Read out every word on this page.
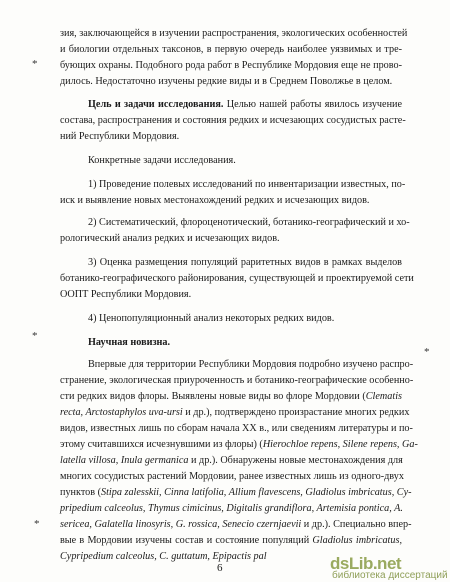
зия, заключающейся в изучении распространения, экологических особенностей
и биологии отдельных таксонов, в первую очередь наиболее уязвимых и тре-
бующих охраны. Подобного рода работ в Республике Мордовия еще не прово-
дилось. Недостаточно изучены редкие виды и в Среднем Поволжье в целом.
Цель и задачи исследования. Целью нашей работы явилось изучение
состава, распространения и состояния редких и исчезающих сосудистых расте-
ний Республики Мордовия.
Конкретные задачи исследования.
1) Проведение полевых исследований по инвентаризации известных, по-
иск и выявление новых местонахождений редких и исчезающих видов.
2) Систематический, флороценотический, ботанико-географический и хо-
рологический анализ редких и исчезающих видов.
3) Оценка размещения популяций раритетных видов в рамках выделов
ботанико-географического районирования, существующей и проектируемой сети
ООПТ Республики Мордовия.
4) Ценопопуляционный анализ некоторых редких видов.
Научная новизна.
Впервые для территории Республики Мордовия подробно изучено распро-
странение, экологическая приуроченность и ботанико-географические особенно-
сти редких видов флоры. Выявлены новые виды во флоре Мордовии (Clematis
recta, Arctostaphylos uva-ursi и др.), подтверждено произрастание многих редких
видов, известных лишь по сборам начала XX в., или сведениям литературы и по-
этому считавшихся исчезнувшими из флоры) (Hierochloe repens, Silene repens, Ga-
latella villosa, Inula germanica и др.). Обнаружены новые местонахождения для
многих сосудистых растений Мордовии, ранее известных лишь из одного-двух
пунктов (Stipa zalesskii, Cinna latifolia, Allium flavescens, Gladiolus imbricatus, Cy-
pripedium calceolus, Thymus cimicinus, Digitalis grandiflora, Artemisia pontica, A.
sericea, Galatella linosyris, G. rossica, Senecio czernjaevii и др.). Специально впер-
вые в Мордовии изучены состав и состояние популяций Gladiolus imbricatus,
Cypripedium calceolus, C. guttatum, Epipactis pal
*
*
*
*
6	dsLib.net
библиотека диссертаций
